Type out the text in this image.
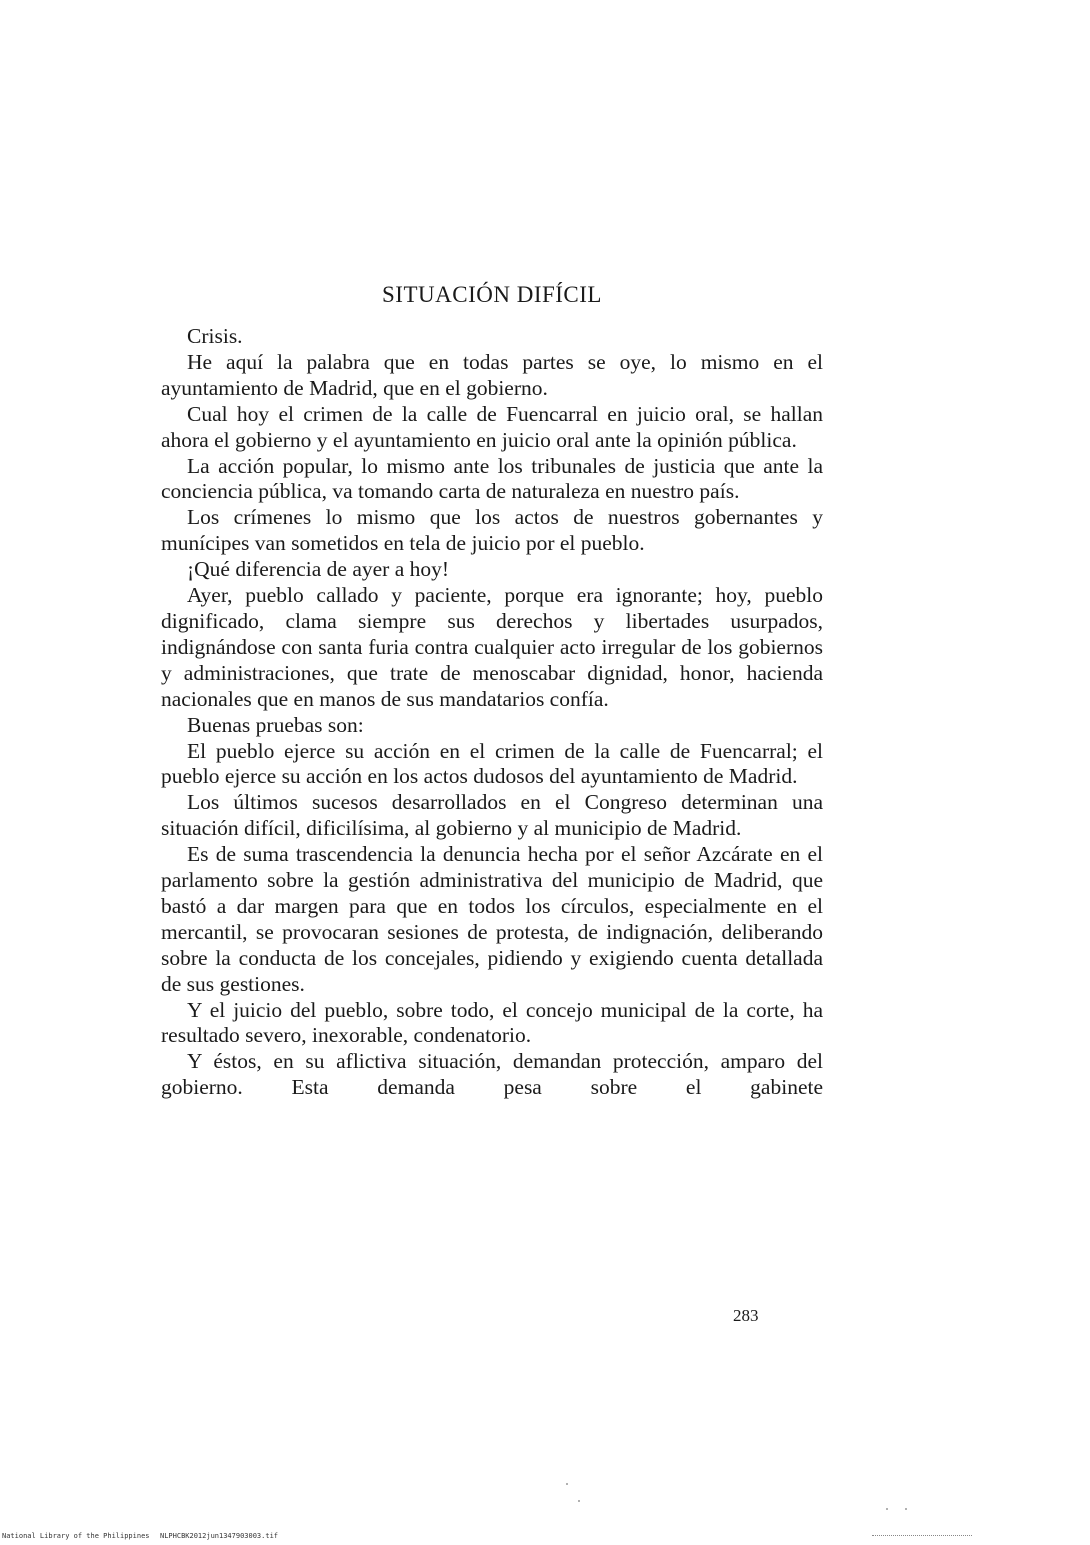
SITUACIÓN DIFÍCIL

Crisis.

He aquí la palabra que en todas partes se oye, lo mismo en el ayuntamiento de Madrid, que en el gobierno.

Cual hoy el crimen de la calle de Fuencarral en juicio oral, se hallan ahora el gobierno y el ayuntamiento en juicio oral ante la opinión pública.

La acción popular, lo mismo ante los tribunales de justicia que ante la conciencia pública, va tomando carta de naturaleza en nuestro país.

Los crímenes lo mismo que los actos de nuestros gobernantes y munícipes van sometidos en tela de juicio por el pueblo.

¡Qué diferencia de ayer a hoy!

Ayer, pueblo callado y paciente, porque era ignorante; hoy, pueblo dignificado, clama siempre sus derechos y libertades usurpados, indignándose con santa furia contra cualquier acto irregular de los gobiernos y administraciones, que trate de menoscabar dignidad, honor, hacienda nacionales que en manos de sus mandatarios confía.

Buenas pruebas son:

El pueblo ejerce su acción en el crimen de la calle de Fuencarral; el pueblo ejerce su acción en los actos dudosos del ayuntamiento de Madrid.

Los últimos sucesos desarrollados en el Congreso determinan una situación difícil, dificilísima, al gobierno y al municipio de Madrid.

Es de suma trascendencia la denuncia hecha por el señor Azcárate en el parlamento sobre la gestión administrativa del municipio de Madrid, que bastó a dar margen para que en todos los círculos, especialmente en el mercantil, se provocaran sesiones de protesta, de indignación, deliberando sobre la conducta de los concejales, pidiendo y exigiendo cuenta detallada de sus gestiones.

Y el juicio del pueblo, sobre todo, el concejo municipal de la corte, ha resultado severo, inexorable, condenatorio.

Y éstos, en su aflictiva situación, demandan protección, amparo del gobierno. Esta demanda pesa sobre el gabinete

283
National Library of the Philippines NLPHCBK2012jun1347903003.tif
